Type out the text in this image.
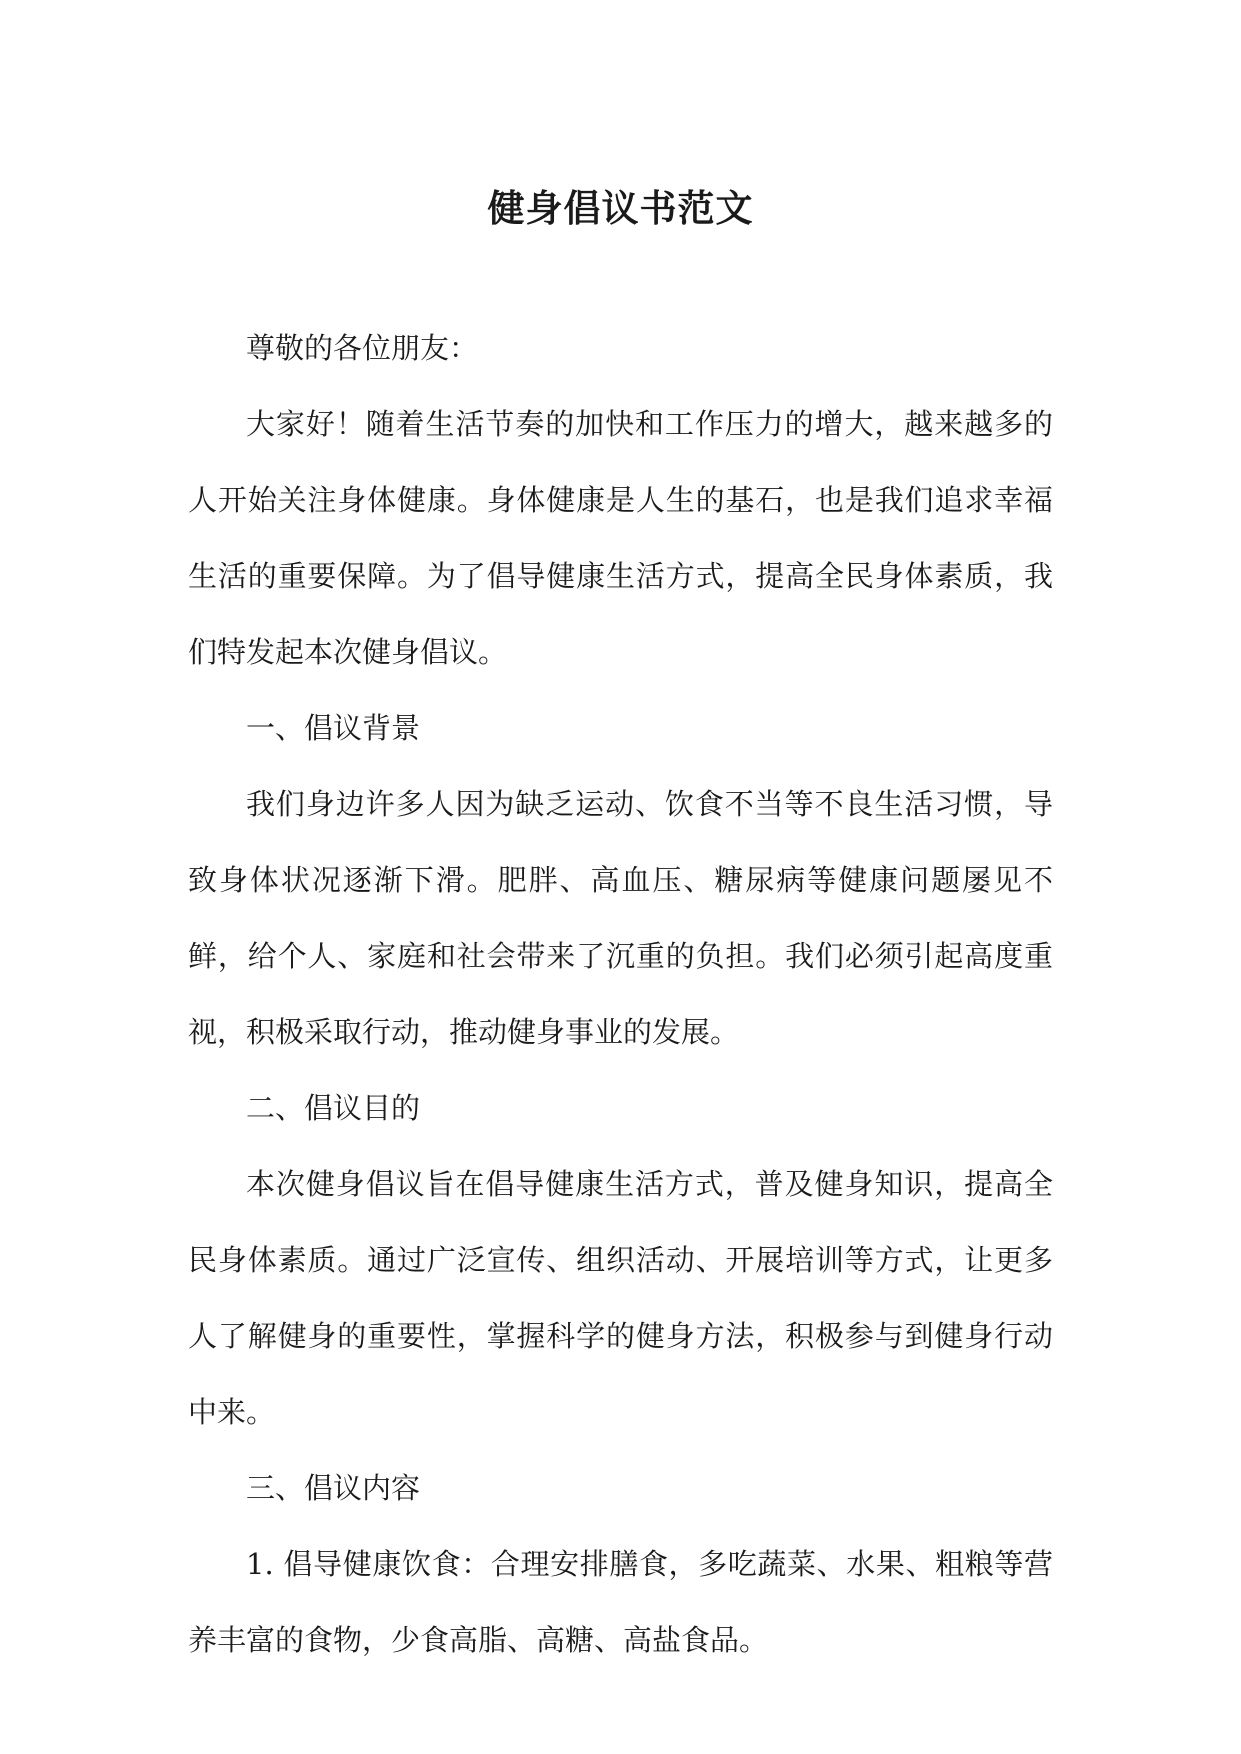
健身倡议书范文

尊敬的各位朋友：

大家好！随着生活节奏的加快和工作压力的增大，越来越多的人开始关注身体健康。身体健康是人生的基石，也是我们追求幸福生活的重要保障。为了倡导健康生活方式，提高全民身体素质，我们特发起本次健身倡议。

一、倡议背景

我们身边许多人因为缺乏运动、饮食不当等不良生活习惯，导致身体状况逐渐下滑。肥胖、高血压、糖尿病等健康问题屡见不鲜，给个人、家庭和社会带来了沉重的负担。我们必须引起高度重视，积极采取行动，推动健身事业的发展。

二、倡议目的

本次健身倡议旨在倡导健康生活方式，普及健身知识，提高全民身体素质。通过广泛宣传、组织活动、开展培训等方式，让更多人了解健身的重要性，掌握科学的健身方法，积极参与到健身行动中来。

三、倡议内容

1. 倡导健康饮食：合理安排膳食，多吃蔬菜、水果、粗粮等营养丰富的食物，少食高脂、高糖、高盐食品。
